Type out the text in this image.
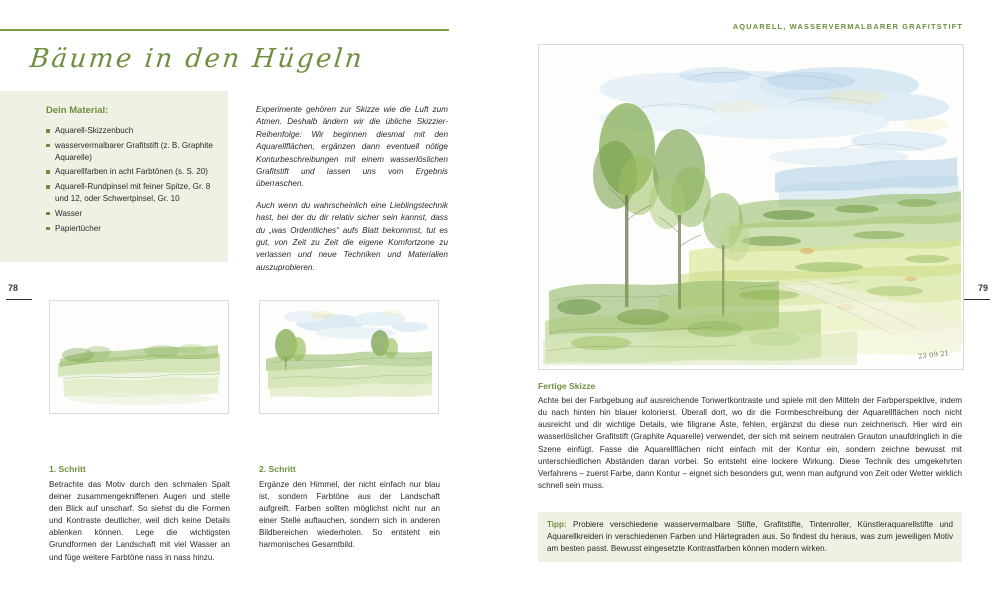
Bäume in den Hügeln
78
Dein Material:
Aquarell-Skizzenbuch
wasservermalbarer Grafitstift (z. B. Graphite Aquarelle)
Aquarellfarben in acht Farbtönen (s. S. 20)
Aquarell-Rundpinsel mit feiner Spitze, Gr. 8 und 12, oder Schwertpinsel, Gr. 10
Wasser
Papiertücher

Experimente gehören zur Skizze wie die Luft zum Atmen. Deshalb ändern wir die übliche Skizzier-Reihenfolge: Wir beginnen diesmal mit den Aquarellflächen, ergänzen dann eventuell nötige Konturbeschreibungen mit einem wasserlöslichen Grafitstift und lassen uns vom Ergebnis überraschen.

Auch wenn du wahrscheinlich eine Lieblingstechnik hast, bei der du dir relativ sicher sein kannst, dass du „was Ordentliches“ aufs Blatt bekommst, tut es gut, von Zeit zu Zeit die eigene Komfortzone zu verlassen und neue Techniken und Materialien auszuprobieren.

1. Schritt
Betrachte das Motiv durch den schmalen Spalt deiner zusammengekniffenen Augen und stelle den Blick auf unscharf. So siehst du die Formen und Kontraste deutlicher, weil dich keine Details ablenken können. Lege die wichtigsten Grundformen der Landschaft mit viel Wasser an und füge weitere Farbtöne nass in nass hinzu.
2. Schritt
Ergänze den Himmel, der nicht einfach nur blau ist, sondern Farbtöne aus der Landschaft aufgreift. Farben sollten möglichst nicht nur an einer Stelle auftauchen, sondern sich in anderen Bildbereichen wiederholen. So entsteht ein harmonisches Gesamtbild.
AQUARELL, WASSERVERMALBARER GRAFITSTIFT
79
23 09 21
Fertige Skizze
Achte bei der Farbgebung auf ausreichende Tonwertkontraste und spiele mit den Mitteln der Farbperspektive, indem du nach hinten hin blauer kolorierst. Überall dort, wo dir die Formbeschreibung der Aquarellflächen noch nicht ausreicht und dir wichtige Details, wie filigrane Äste, fehlen, ergänzst du diese nun zeichnerisch. Hier wird ein wasserlöslicher Grafitstift (Graphite Aquarelle) verwendet, der sich mit seinem neutralen Grauton unaufdringlich in die Szene einfügt. Fasse die Aquarellflächen nicht einfach mit der Kontur ein, sondern zeichne bewusst mit unterschiedlichen Abständen daran vorbei. So entsteht eine lockere Wirkung. Diese Technik des umgekehrten Verfahrens – zuerst Farbe, dann Kontur – eignet sich besonders gut, wenn man aufgrund von Zeit oder Wetter wirklich schnell sein muss.
Tipp: Probiere verschiedene wasservermalbare Stifte, Grafitstifte, Tintenroller, Künstleraquarellstifte und Aquarellkreiden in verschiedenen Farben und Härtegraden aus. So findest du heraus, was zum jeweiligen Motiv am besten passt. Bewusst eingesetzte Kontrastfarben können modern wirken.
